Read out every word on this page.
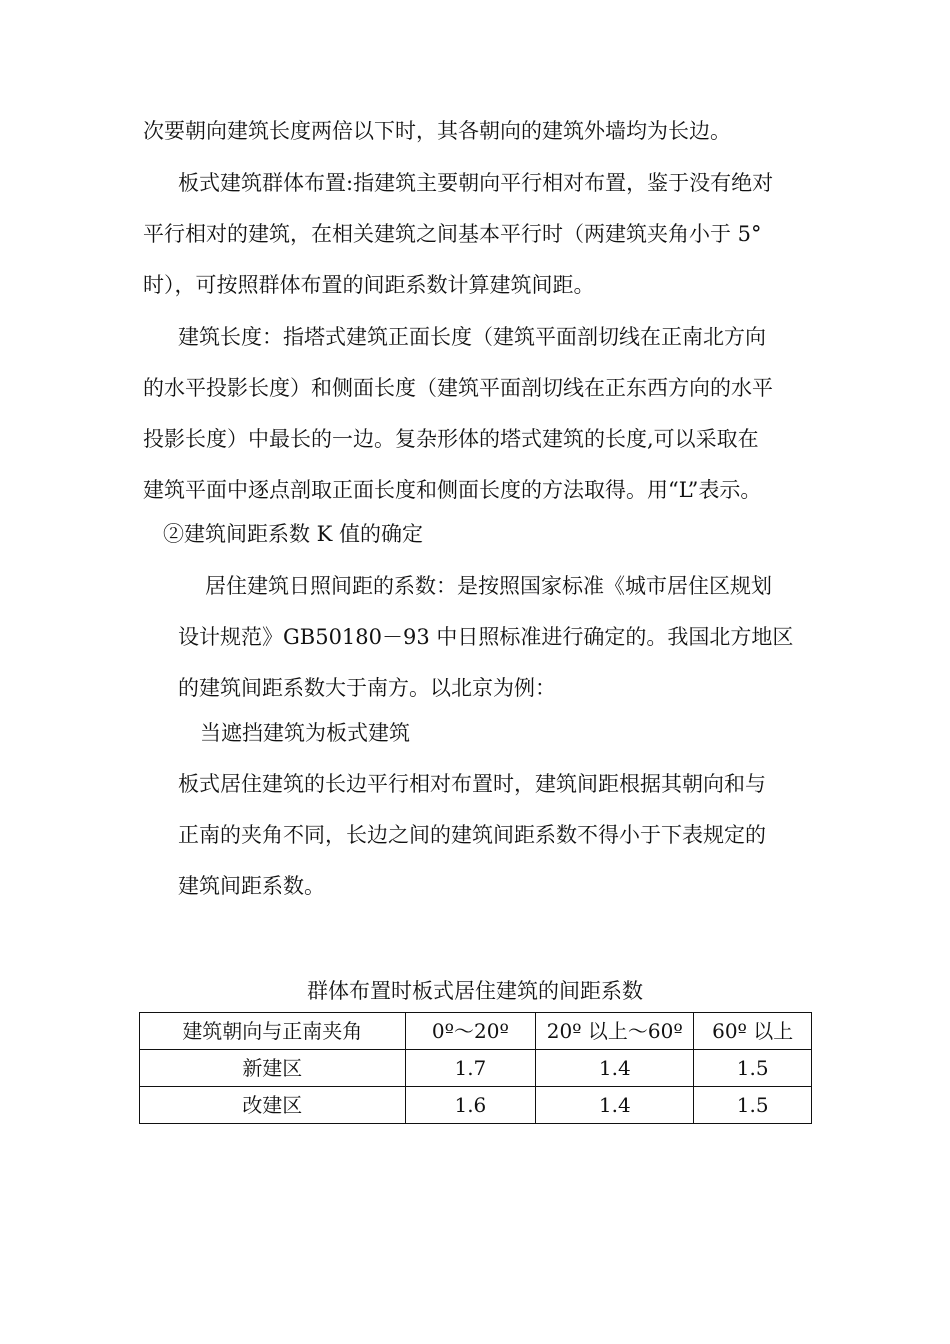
次要朝向建筑长度两倍以下时，其各朝向的建筑外墙均为长边。
板式建筑群体布置:指建筑主要朝向平行相对布置，鉴于没有绝对
平行相对的建筑，在相关建筑之间基本平行时（两建筑夹角小于 5°
时），可按照群体布置的间距系数计算建筑间距。
建筑长度：指塔式建筑正面长度（建筑平面剖切线在正南北方向
的水平投影长度）和侧面长度（建筑平面剖切线在正东西方向的水平
投影长度）中最长的一边。复杂形体的塔式建筑的长度,可以采取在
建筑平面中逐点剖取正面长度和侧面长度的方法取得。用“L”表示。
②建筑间距系数 K 值的确定
居住建筑日照间距的系数：是按照国家标准《城市居住区规划
设计规范》GB50180－93 中日照标准进行确定的。我国北方地区
的建筑间距系数大于南方。以北京为例：
当遮挡建筑为板式建筑
板式居住建筑的长边平行相对布置时，建筑间距根据其朝向和与
正南的夹角不同，长边之间的建筑间距系数不得小于下表规定的
建筑间距系数。
群体布置时板式居住建筑的间距系数
建筑朝向与正南夹角	0º～20º	20º 以上～60º	60º 以上
新建区	1.7	1.4	1.5
改建区	1.6	1.4	1.5
